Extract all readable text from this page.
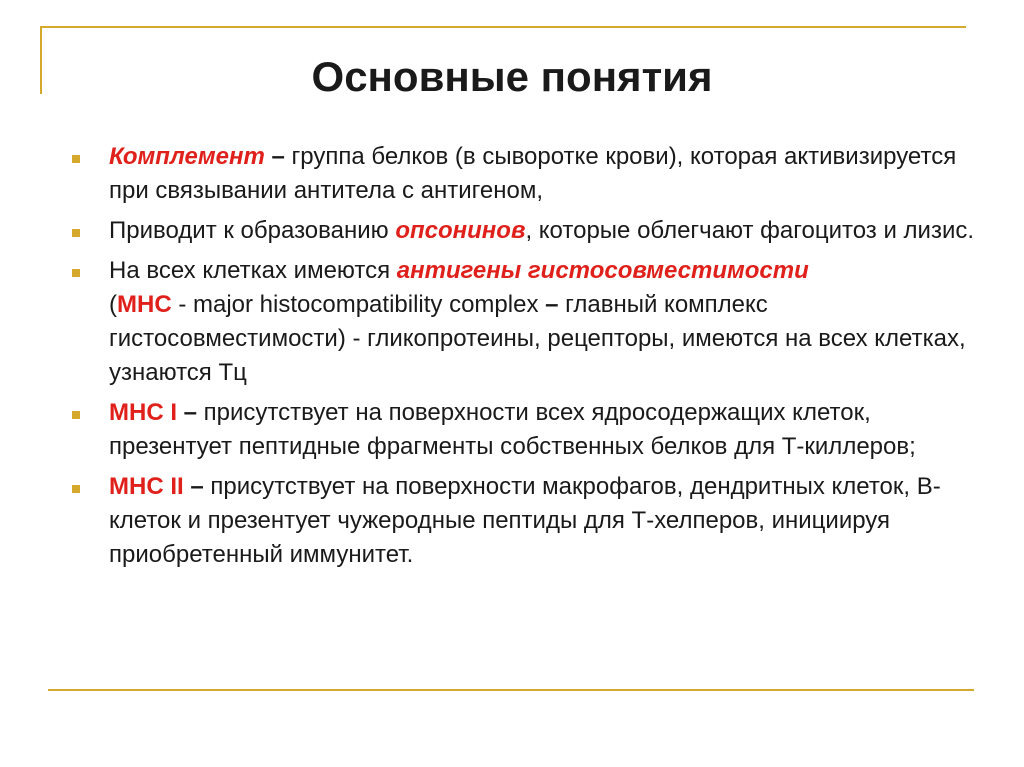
Основные понятия
Комплемент – группа белков (в сыворотке крови), которая активизируется при связывании антитела с антигеном,
Приводит к образованию опсонинов, которые облегчают фагоцитоз и лизис.
На всех клетках имеются антигены гистосовместимости
(MHC - major histocompatibility complex – главный комплекс гистосовместимости) - гликопротеины, рецепторы, имеются на всех клетках, узнаются Тц
MHC I – присутствует на поверхности всех ядросодержащих клеток, презентует пептидные фрагменты собственных белков для Т-киллеров;
MHC II – присутствует на поверхности макрофагов, дендритных клеток, В-клеток и презентует чужеродные пептиды для Т-хелперов, инициируя приобретенный иммунитет.
